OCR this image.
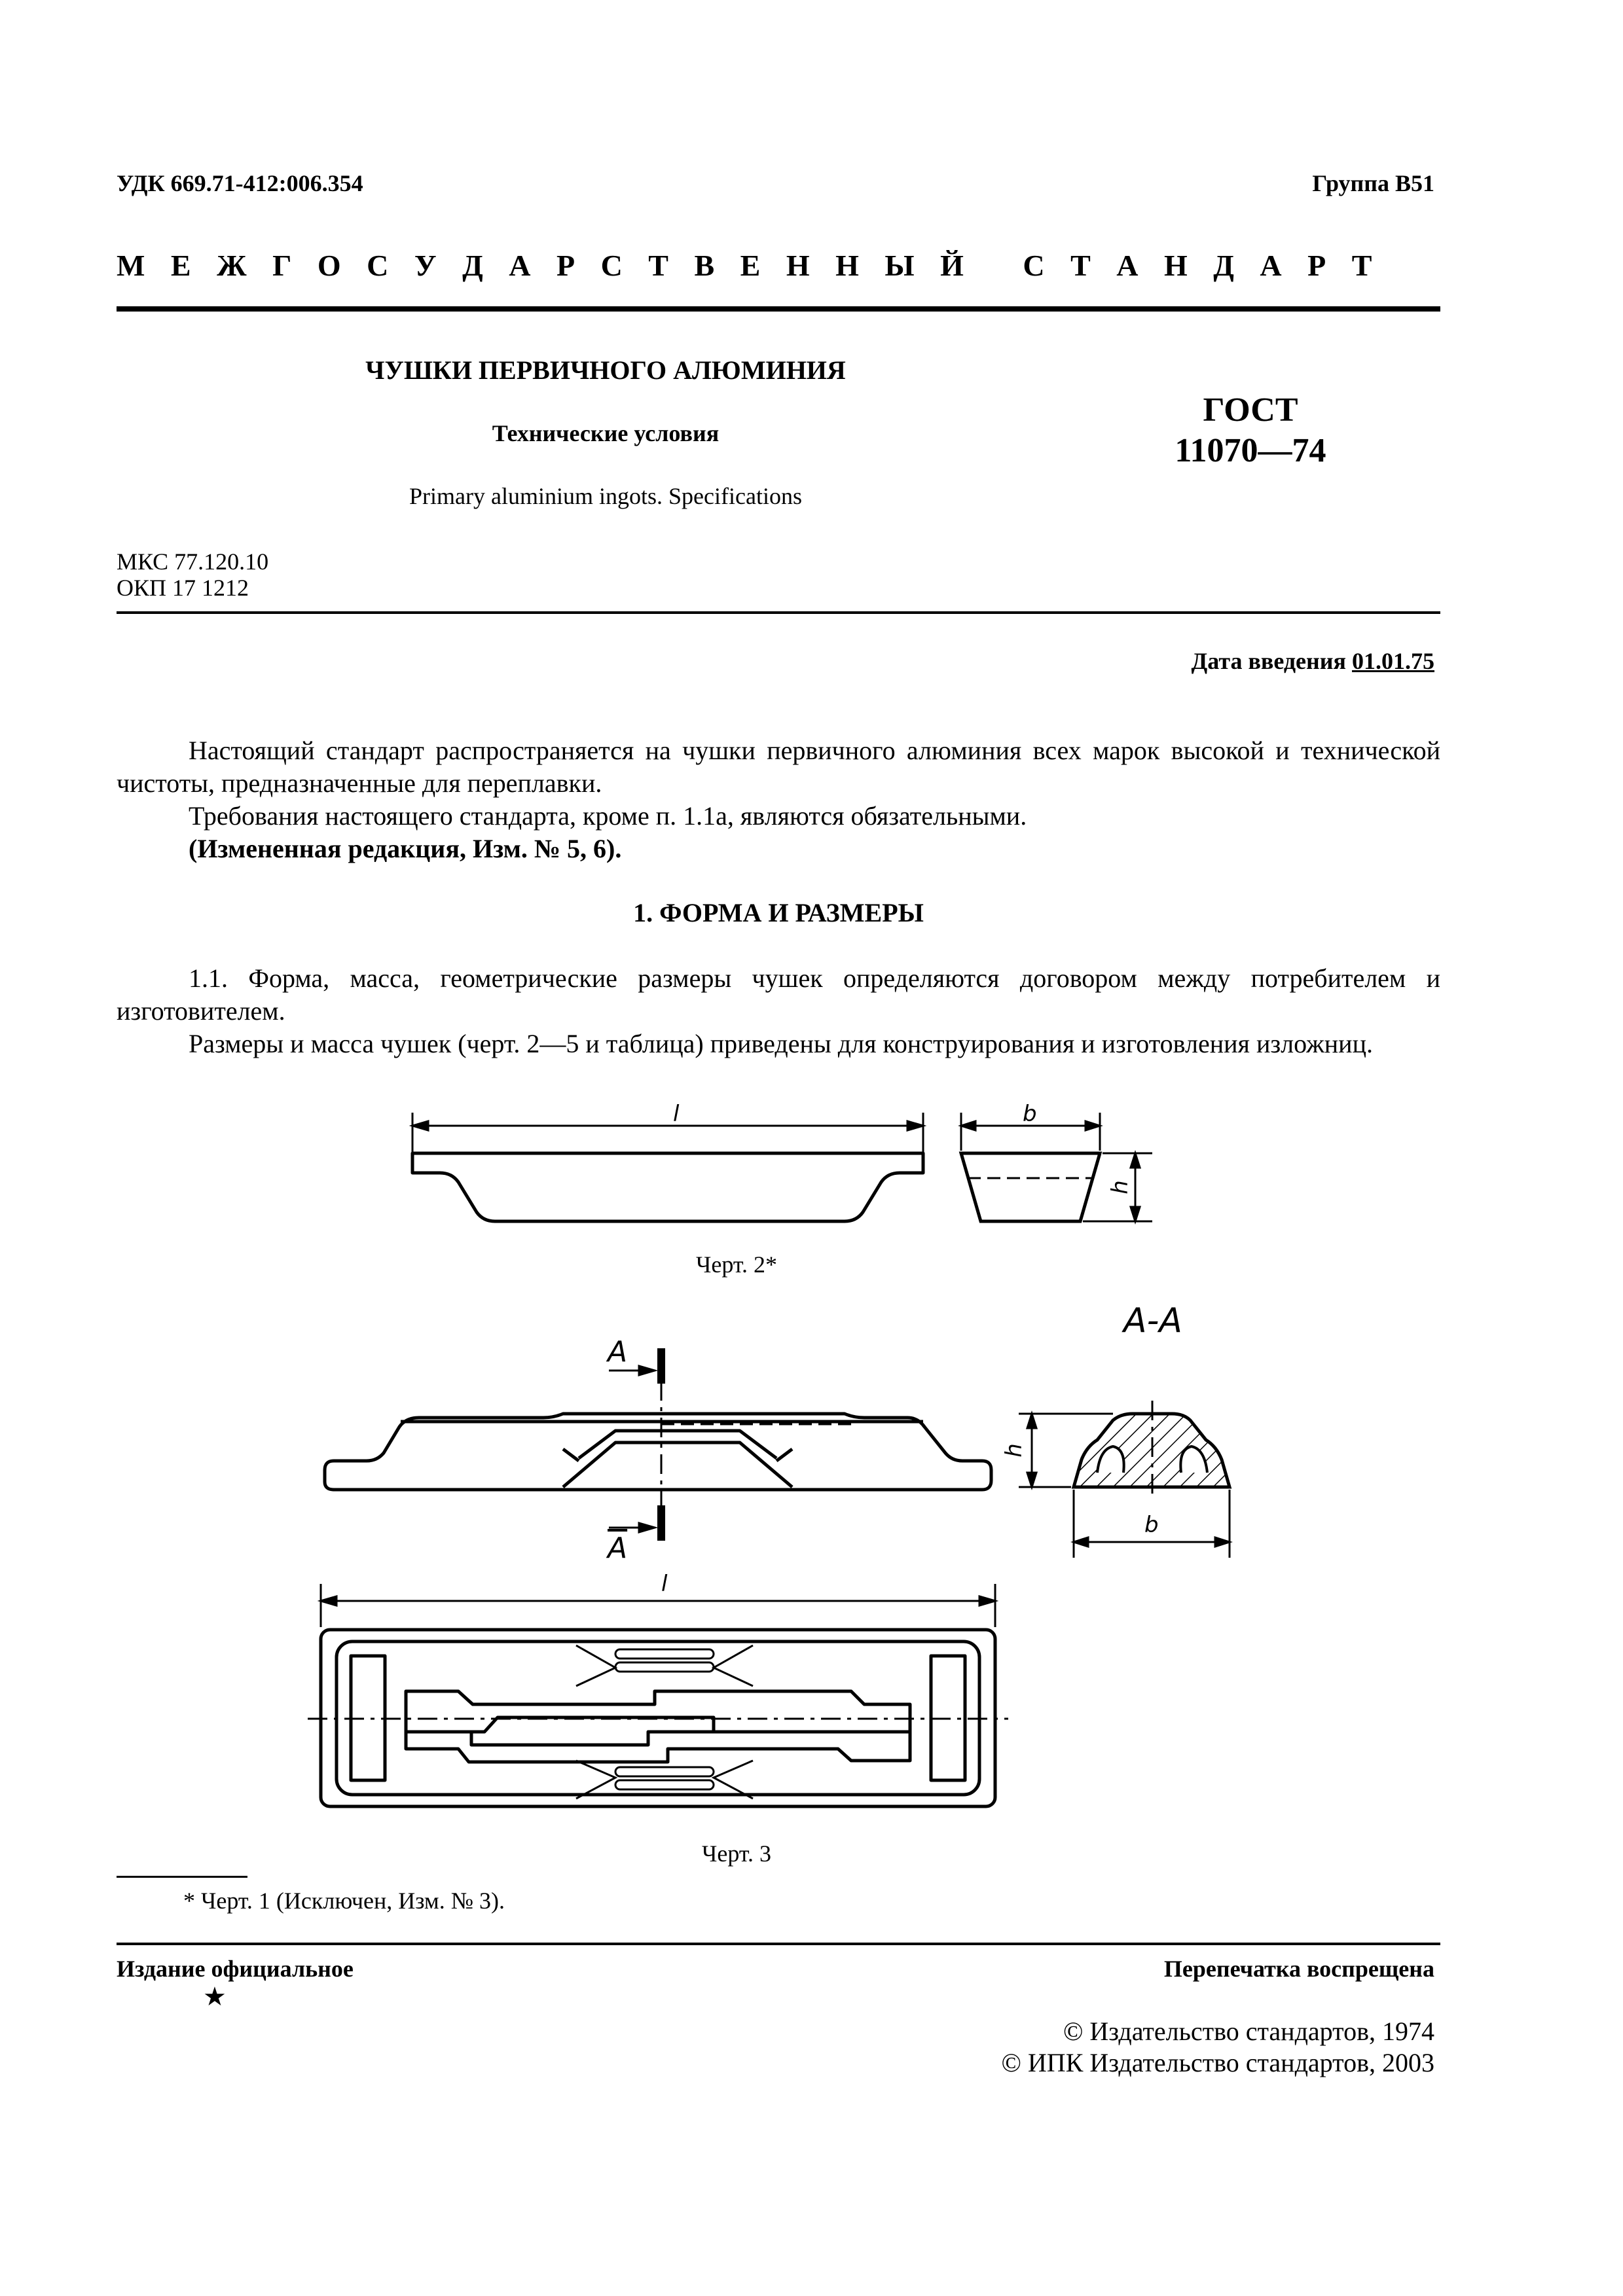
УДК 669.71-412:006.354	Группа В51
М Е Ж Г О С У Д А Р С Т В Е Н Н Ы Й   С Т А Н Д А Р Т
ЧУШКИ ПЕРВИЧНОГО АЛЮМИНИЯ
Технические условия
Primary aluminium ingots. Specifications
ГОСТ
11070—74
МКС 77.120.10
ОКП 17 1212
Дата введения 01.01.75
Настоящий стандарт распространяется на чушки первичного алюминия всех марок высокой и технической чистоты, предназначенные для переплавки.
Требования настоящего стандарта, кроме п. 1.1а, являются обязательными.
(Измененная редакция, Изм. № 5, 6).
1. ФОРМА И РАЗМЕРЫ
1.1. Форма, масса, геометрические размеры чушек определяются договором между потребителем и изготовителем.
Размеры и масса чушек (черт. 2—5 и таблица) приведены для конструирования и изготовления изложниц.
l	b
h
Черт. 2*
А-А
A
$\overline{A}$
h
b
l
Черт. 3
* Черт. 1 (Исключен, Изм. № 3).
Издание официальное	Перепечатка воспрещена
★
© Издательство стандартов, 1974
© ИПК Издательство стандартов, 2003
